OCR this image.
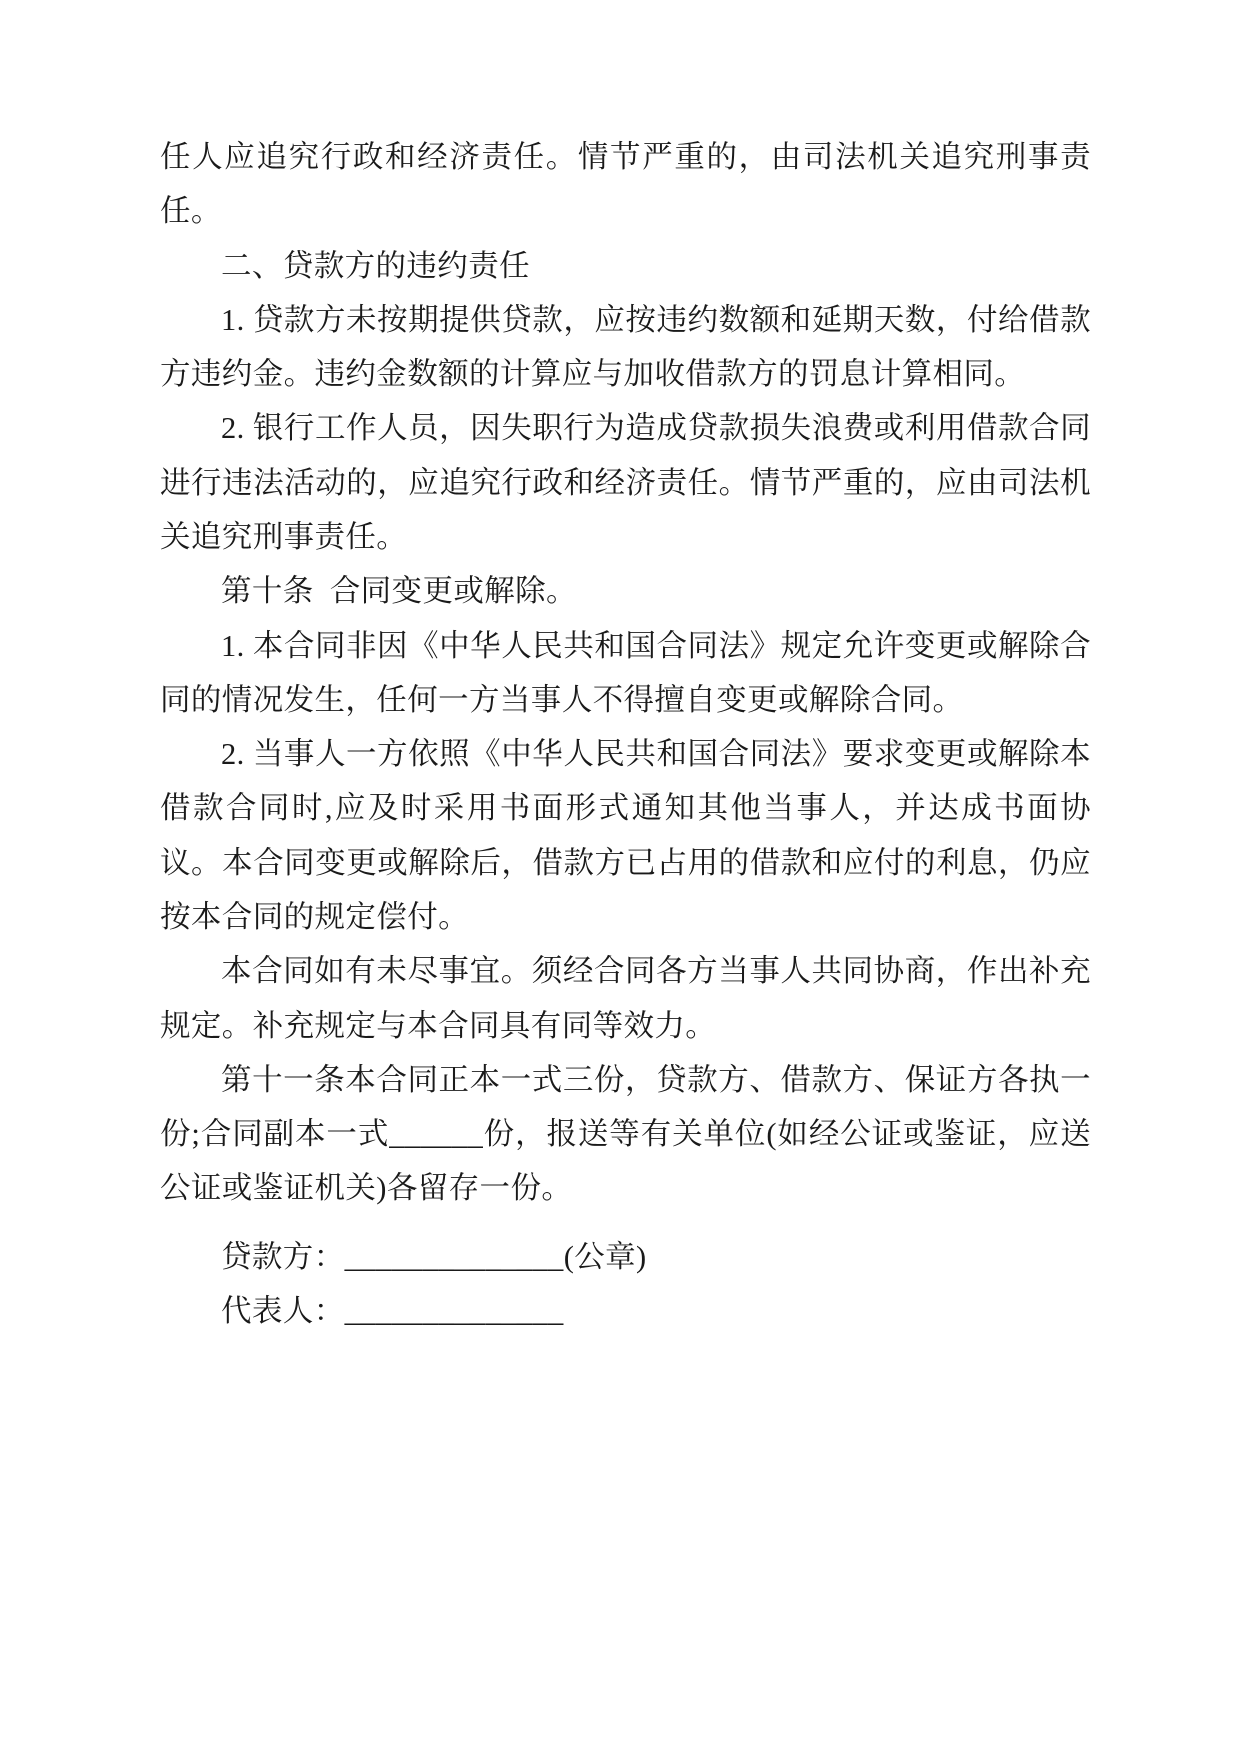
任人应追究行政和经济责任。情节严重的，由司法机关追究刑事责任。

二、贷款方的违约责任

1. 贷款方未按期提供贷款，应按违约数额和延期天数，付给借款方违约金。违约金数额的计算应与加收借款方的罚息计算相同。

2. 银行工作人员，因失职行为造成贷款损失浪费或利用借款合同进行违法活动的，应追究行政和经济责任。情节严重的，应由司法机关追究刑事责任。

第十条  合同变更或解除。

1. 本合同非因《中华人民共和国合同法》规定允许变更或解除合同的情况发生，任何一方当事人不得擅自变更或解除合同。

2. 当事人一方依照《中华人民共和国合同法》要求变更或解除本借款合同时,应及时采用书面形式通知其他当事人，并达成书面协议。本合同变更或解除后，借款方已占用的借款和应付的利息，仍应按本合同的规定偿付。

本合同如有未尽事宜。须经合同各方当事人共同协商，作出补充规定。补充规定与本合同具有同等效力。

第十一条本合同正本一式三份，贷款方、借款方、保证方各执一份;合同副本一式______份，报送等有关单位(如经公证或鉴证，应送公证或鉴证机关)各留存一份。

贷款方：______________(公章)

代表人：______________
